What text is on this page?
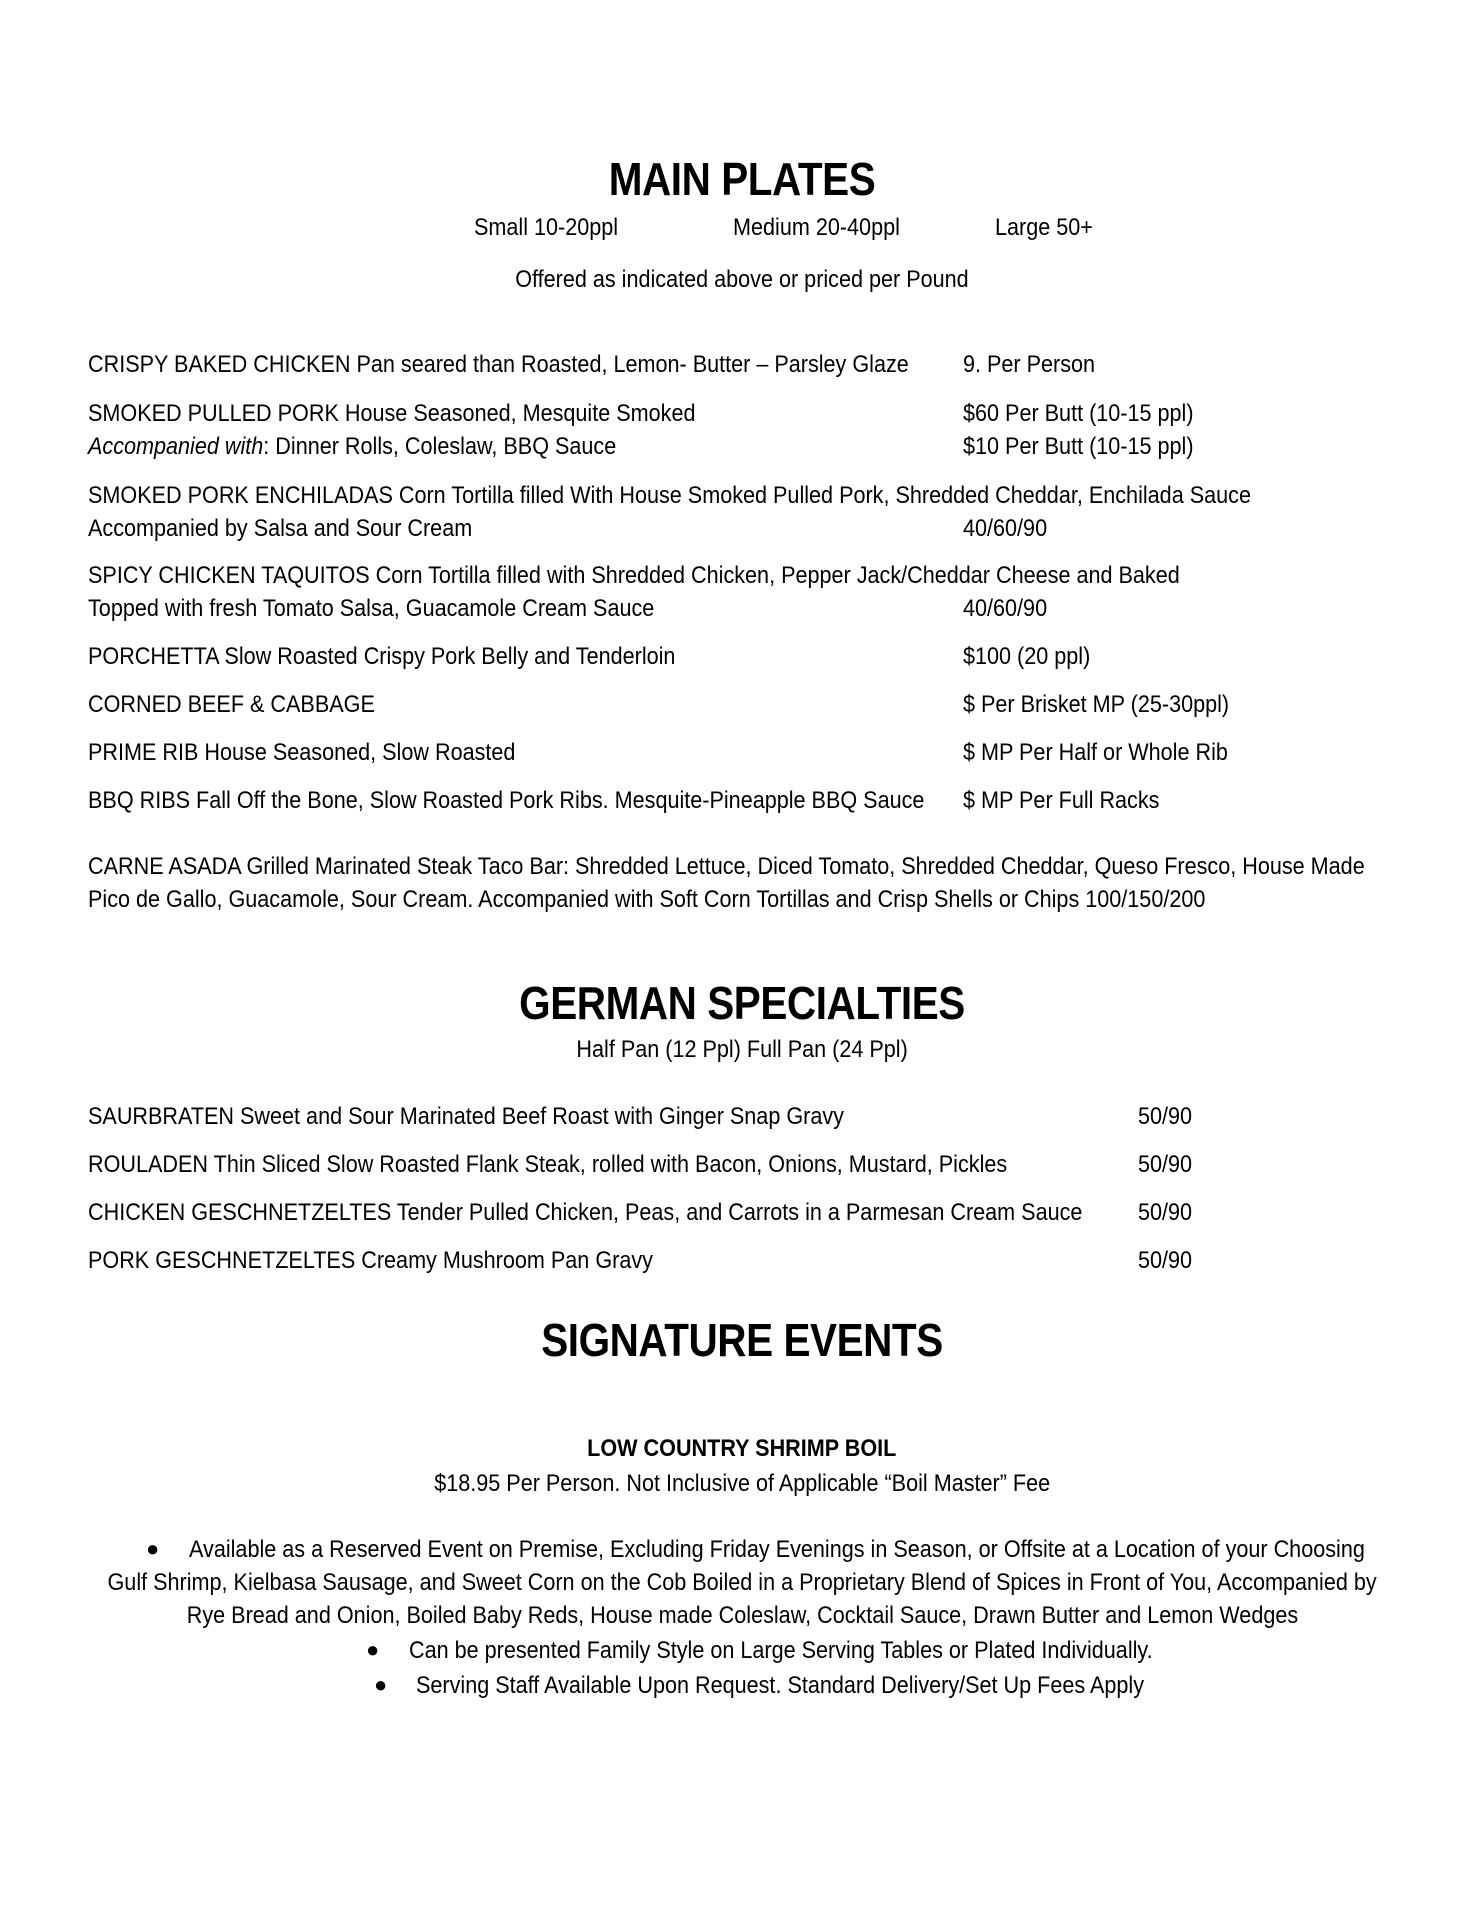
MAIN PLATES
Small 10-20ppl	Medium 20-40ppl	Large 50+
Offered as indicated above or priced per Pound
CRISPY BAKED CHICKEN Pan seared than Roasted, Lemon- Butter – Parsley Glaze	9. Per Person
SMOKED PULLED PORK House Seasoned, Mesquite Smoked	$60 Per Butt (10-15 ppl)
Accompanied with: Dinner Rolls, Coleslaw, BBQ Sauce	$10 Per Butt (10-15 ppl)
SMOKED PORK ENCHILADAS Corn Tortilla filled With House Smoked Pulled Pork, Shredded Cheddar, Enchilada Sauce
Accompanied by Salsa and Sour Cream	40/60/90
SPICY CHICKEN TAQUITOS Corn Tortilla filled with Shredded Chicken, Pepper Jack/Cheddar Cheese and Baked
Topped with fresh Tomato Salsa, Guacamole Cream Sauce	40/60/90
PORCHETTA Slow Roasted Crispy Pork Belly and Tenderloin	$100 (20 ppl)
CORNED BEEF & CABBAGE	$ Per Brisket MP (25-30ppl)
PRIME RIB House Seasoned, Slow Roasted	$ MP Per Half or Whole Rib
BBQ RIBS Fall Off the Bone, Slow Roasted Pork Ribs. Mesquite-Pineapple BBQ Sauce	$ MP Per Full Racks
CARNE ASADA Grilled Marinated Steak Taco Bar: Shredded Lettuce, Diced Tomato, Shredded Cheddar, Queso Fresco, House Made
Pico de Gallo, Guacamole, Sour Cream. Accompanied with Soft Corn Tortillas and Crisp Shells or Chips 100/150/200
GERMAN SPECIALTIES
Half Pan (12 Ppl) Full Pan (24 Ppl)
SAURBRATEN Sweet and Sour Marinated Beef Roast with Ginger Snap Gravy	50/90
ROULADEN Thin Sliced Slow Roasted Flank Steak, rolled with Bacon, Onions, Mustard, Pickles	50/90
CHICKEN GESCHNETZELTES Tender Pulled Chicken, Peas, and Carrots in a Parmesan Cream Sauce	50/90
PORK GESCHNETZELTES Creamy Mushroom Pan Gravy	50/90
SIGNATURE EVENTS
LOW COUNTRY SHRIMP BOIL
$18.95 Per Person. Not Inclusive of Applicable “Boil Master” Fee
● Available as a Reserved Event on Premise, Excluding Friday Evenings in Season, or Offsite at a Location of your Choosing
Gulf Shrimp, Kielbasa Sausage, and Sweet Corn on the Cob Boiled in a Proprietary Blend of Spices in Front of You, Accompanied by
Rye Bread and Onion, Boiled Baby Reds, House made Coleslaw, Cocktail Sauce, Drawn Butter and Lemon Wedges
● Can be presented Family Style on Large Serving Tables or Plated Individually.
● Serving Staff Available Upon Request. Standard Delivery/Set Up Fees Apply
